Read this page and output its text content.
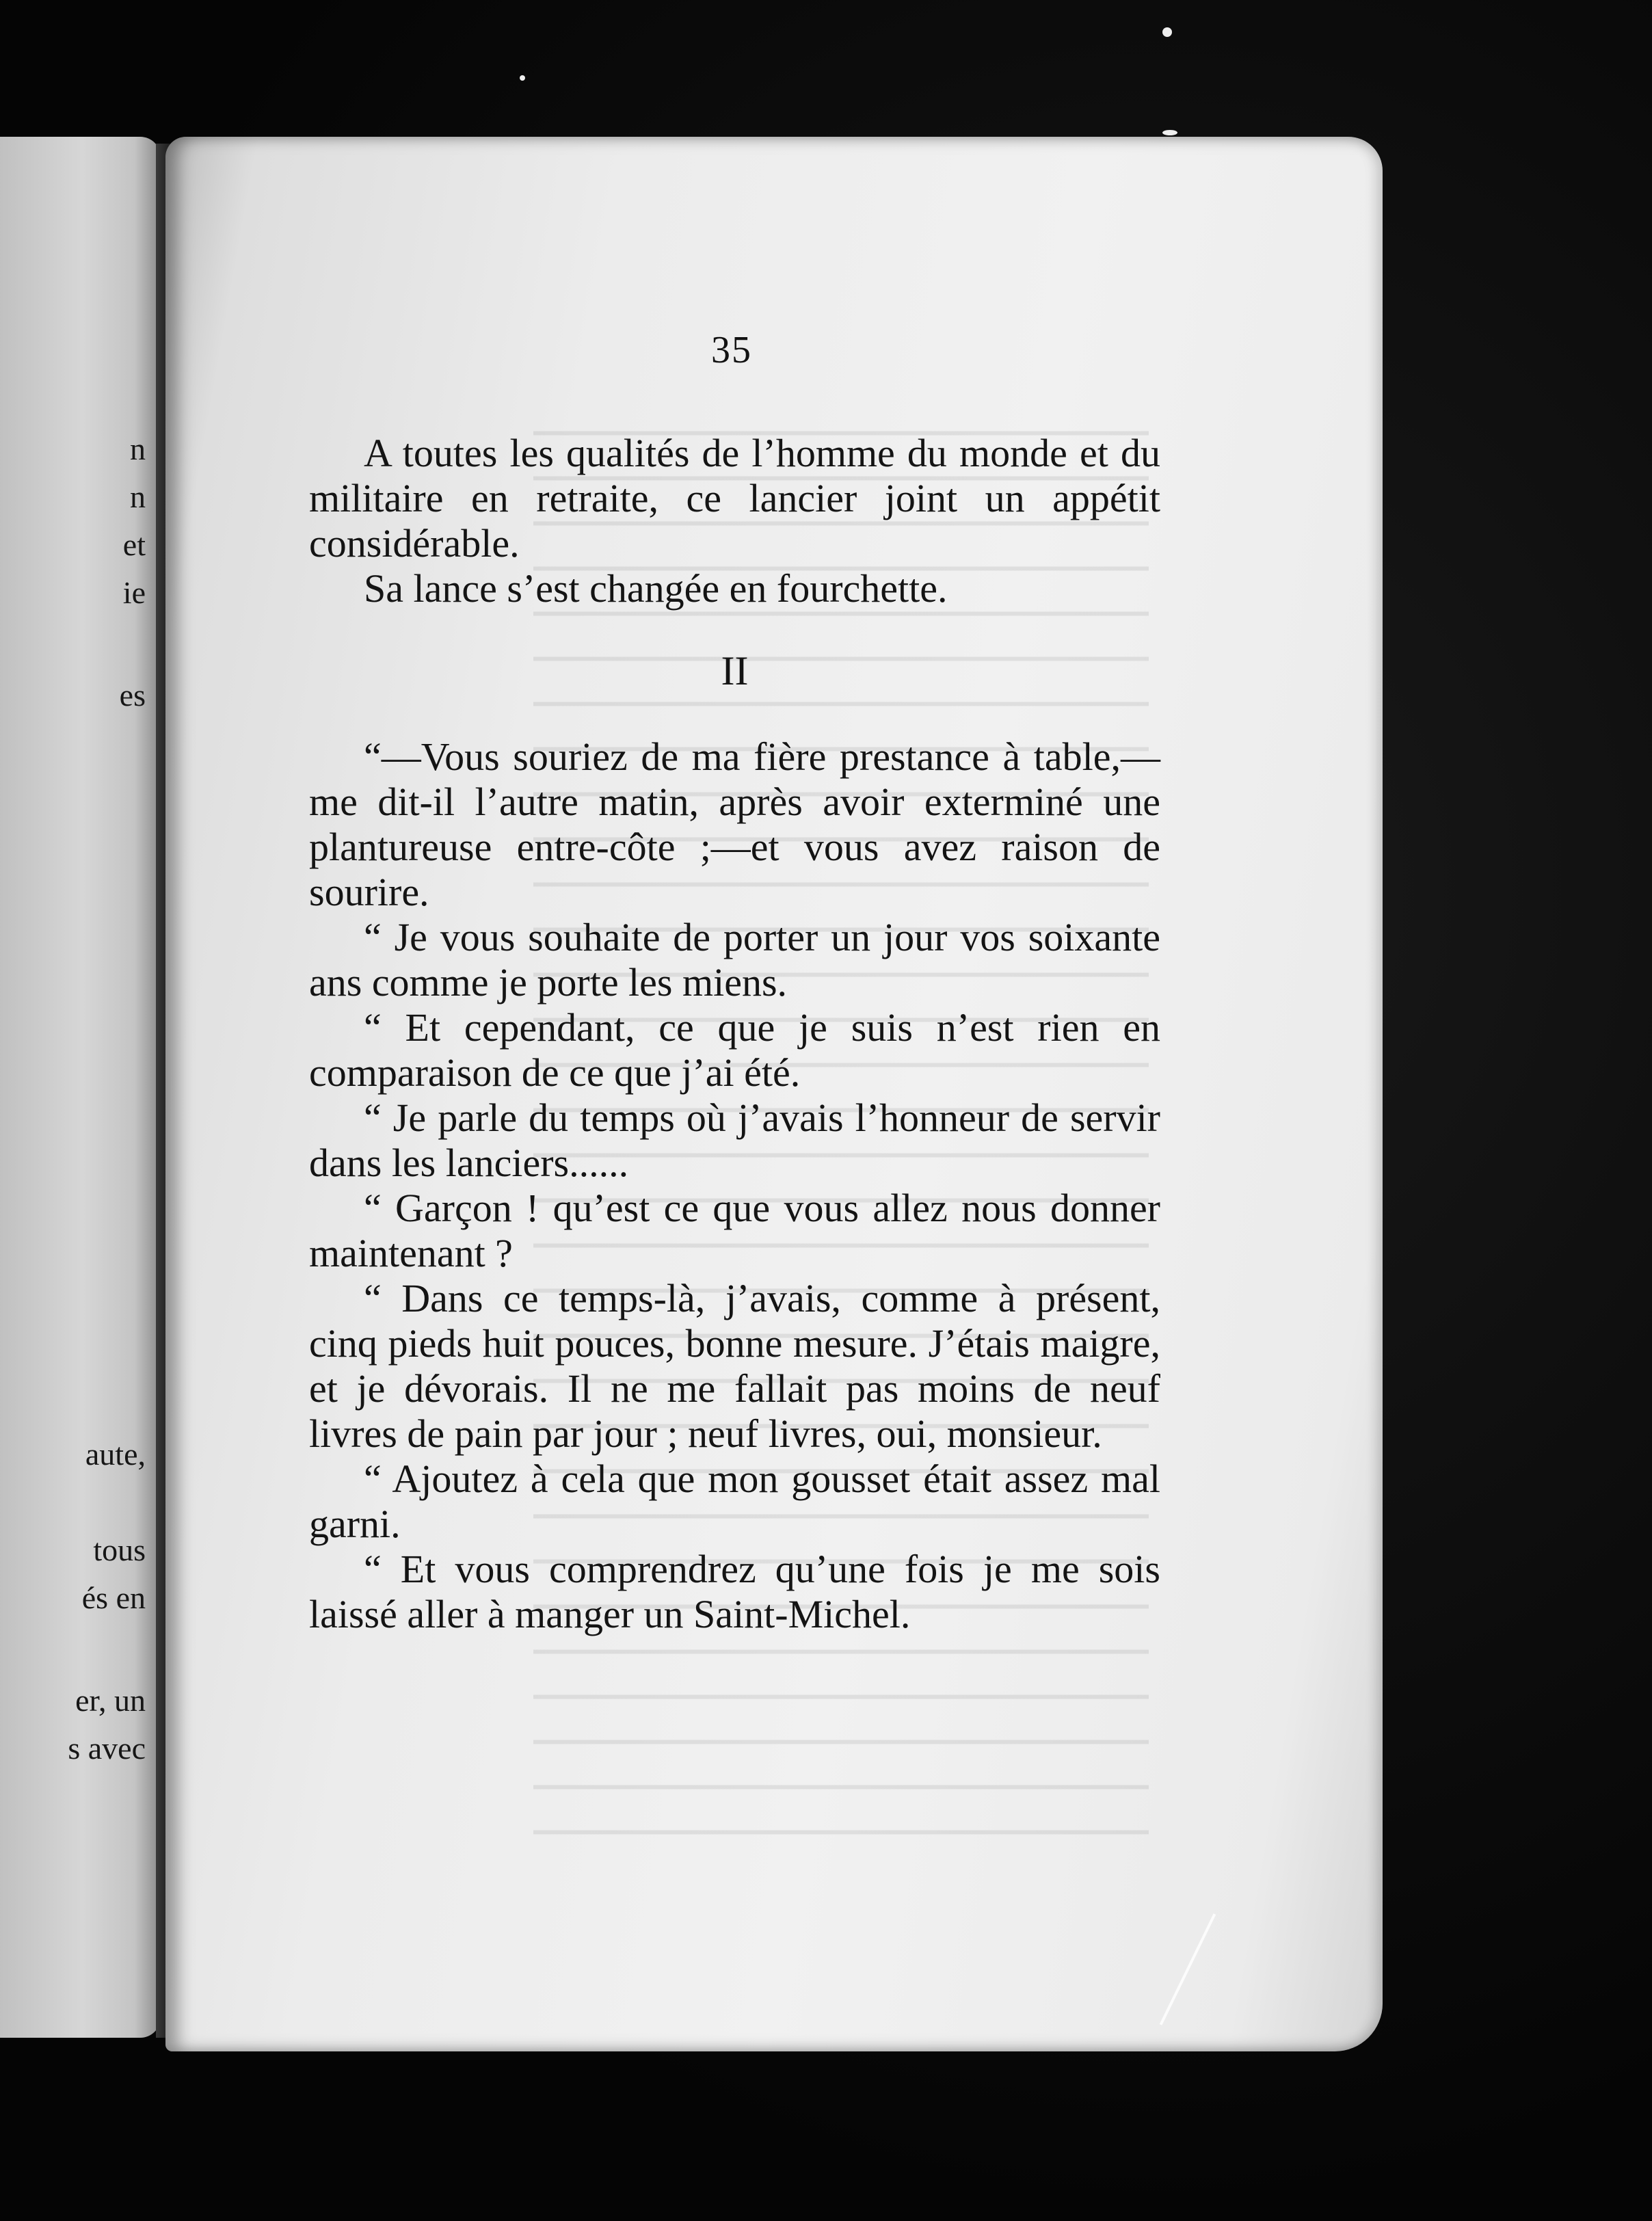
n
n
et
ie
es
aute,
tous
és en
er, un
s avec
35

A toutes les qualités de l’homme du monde et du militaire en retraite, ce lancier joint un appétit considérable.

Sa lance s’est changée en fourchette.

II

“—Vous souriez de ma fière prestance à table,—me dit-il l’autre matin, après avoir exterminé une plantureuse entre-côte ;—et vous avez raison de sourire.

“ Je vous souhaite de porter un jour vos soixante ans comme je porte les miens.

“ Et cependant, ce que je suis n’est rien en comparaison de ce que j’ai été.

“ Je parle du temps où j’avais l’honneur de servir dans les lanciers......

“ Garçon ! qu’est ce que vous allez nous donner maintenant ?

“ Dans ce temps-là, j’avais, comme à présent, cinq pieds huit pouces, bonne mesure. J’étais maigre, et je dévorais. Il ne me fallait pas moins de neuf livres de pain par jour ; neuf livres, oui, monsieur.

“ Ajoutez à cela que mon gousset était assez mal garni.

“ Et vous comprendrez qu’une fois je me sois laissé aller à manger un Saint-Michel.
